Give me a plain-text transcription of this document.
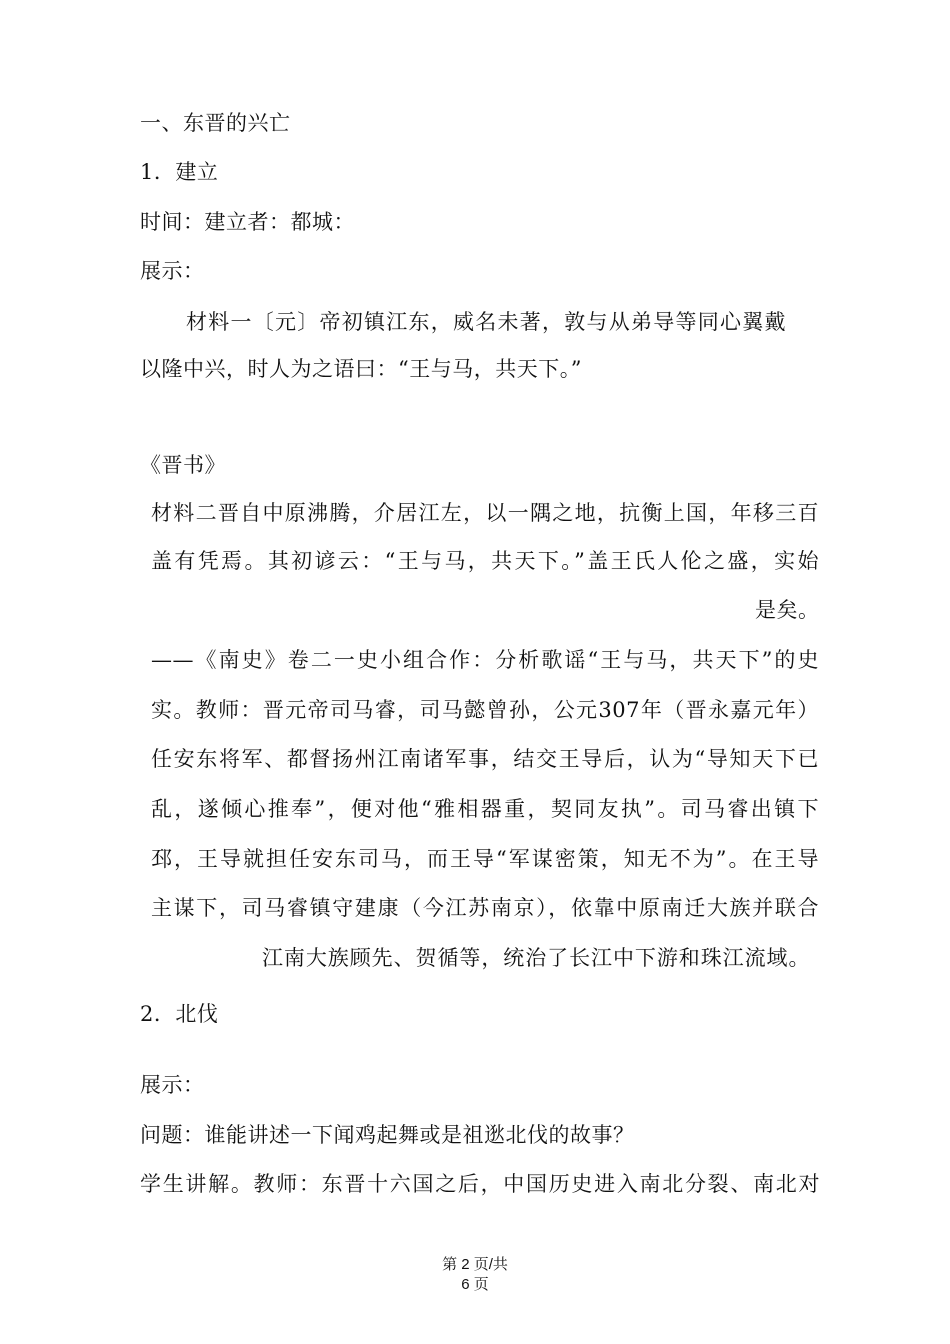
一、东晋的兴亡
1．建立
时间：建立者：都城：
展示：
材料一〔元〕帝初镇江东，威名未著，敦与从弟导等同心翼戴
以隆中兴，时人为之语曰：“王与马，共天下。”
《晋书》
材料二晋自中原沸腾，介居江左，以一隅之地，抗衡上国，年移三百
盖有凭焉。其初谚云：“王与马，共天下。”盖王氏人伦之盛，实始
是矣。
——《南史》卷二一史小组合作：分析歌谣“王与马，共天下”的史
实。教师：晋元帝司马睿，司马懿曾孙，公元307年（晋永嘉元年）
任安东将军、都督扬州江南诸军事，结交王导后，认为“导知天下已
乱，遂倾心推奉”，便对他“雅相器重，契同友执”。司马睿出镇下
邳，王导就担任安东司马，而王导“军谋密策，知无不为”。在王导
主谋下，司马睿镇守建康（今江苏南京），依靠中原南迁大族并联合
江南大族顾先、贺循等，统治了长江中下游和珠江流域。
2．北伐
展示：
问题：谁能讲述一下闻鸡起舞或是祖逖北伐的故事？
学生讲解。教师：东晋十六国之后，中国历史进入南北分裂、南北对
第 2 页/共
6 页
